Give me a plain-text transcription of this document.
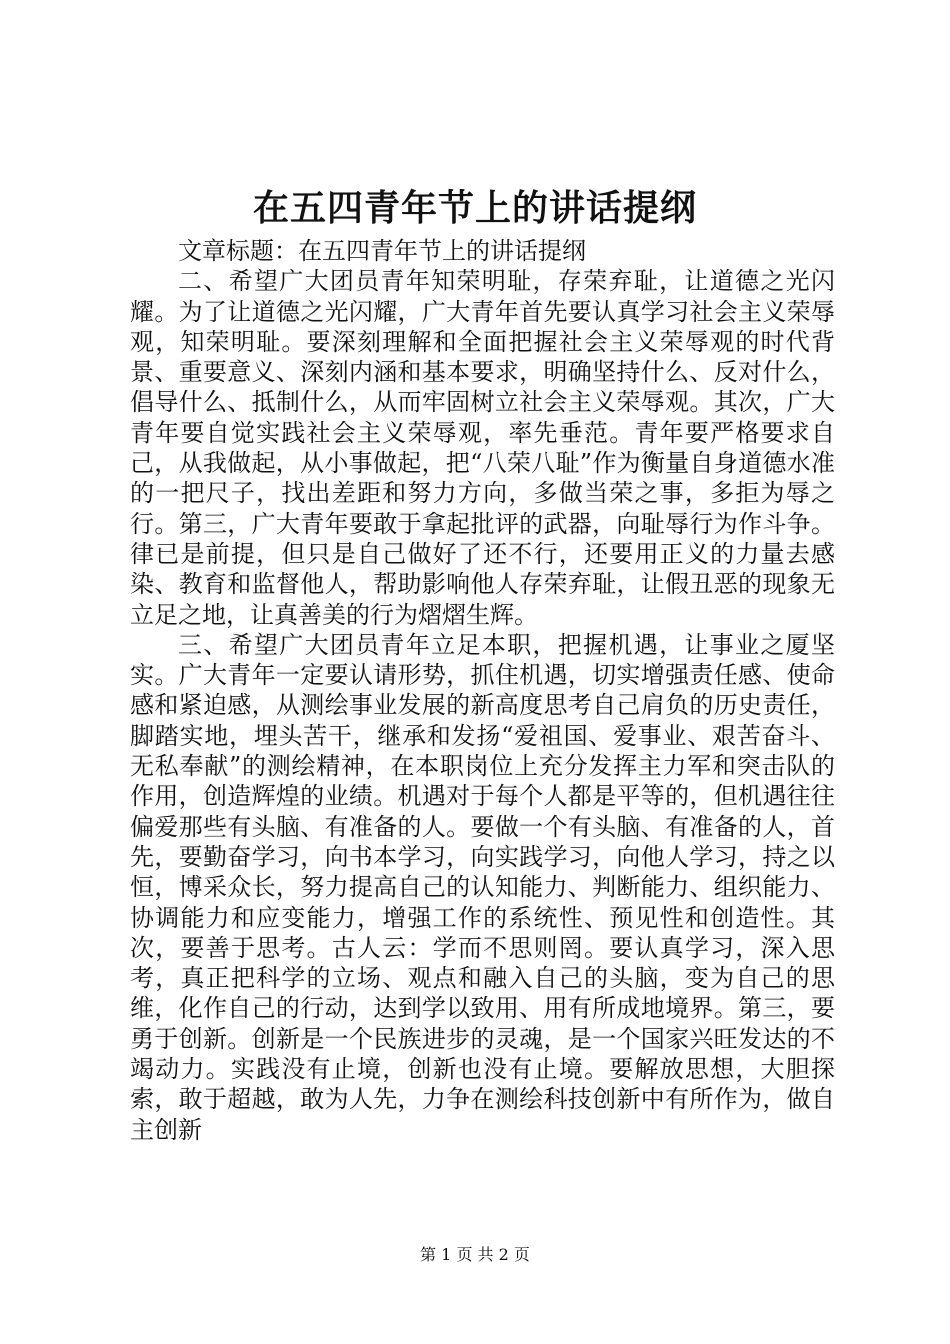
在五四青年节上的讲话提纲

文章标题：在五四青年节上的讲话提纲

二、希望广大团员青年知荣明耻，存荣弃耻，让道德之光闪耀。为了让道德之光闪耀，广大青年首先要认真学习社会主义荣辱观，知荣明耻。要深刻理解和全面把握社会主义荣辱观的时代背景、重要意义、深刻内涵和基本要求，明确坚持什么、反对什么，倡导什么、抵制什么，从而牢固树立社会主义荣辱观。其次，广大青年要自觉实践社会主义荣辱观，率先垂范。青年要严格要求自己，从我做起，从小事做起，把“八荣八耻”作为衡量自身道德水准的一把尺子，找出差距和努力方向，多做当荣之事，多拒为辱之行。第三，广大青年要敢于拿起批评的武器，向耻辱行为作斗争。律已是前提，但只是自己做好了还不行，还要用正义的力量去感染、教育和监督他人，帮助影响他人存荣弃耻，让假丑恶的现象无立足之地，让真善美的行为熠熠生辉。

三、希望广大团员青年立足本职，把握机遇，让事业之厦坚实。广大青年一定要认请形势，抓住机遇，切实增强责任感、使命感和紧迫感，从测绘事业发展的新高度思考自己肩负的历史责任，脚踏实地，埋头苦干，继承和发扬“爱祖国、爱事业、艰苦奋斗、无私奉献”的测绘精神，在本职岗位上充分发挥主力军和突击队的作用，创造辉煌的业绩。机遇对于每个人都是平等的，但机遇往往偏爱那些有头脑、有准备的人。要做一个有头脑、有准备的人，首先，要勤奋学习，向书本学习，向实践学习，向他人学习，持之以恒，博采众长，努力提高自己的认知能力、判断能力、组织能力、协调能力和应变能力，增强工作的系统性、预见性和创造性。其次，要善于思考。古人云：学而不思则罔。要认真学习，深入思考，真正把科学的立场、观点和融入自己的头脑，变为自己的思维，化作自己的行动，达到学以致用、用有所成地境界。第三，要勇于创新。创新是一个民族进步的灵魂，是一个国家兴旺发达的不竭动力。实践没有止境，创新也没有止境。要解放思想，大胆探索，敢于超越，敢为人先，力争在测绘科技创新中有所作为，做自主创新

第 1 页 共 2 页
